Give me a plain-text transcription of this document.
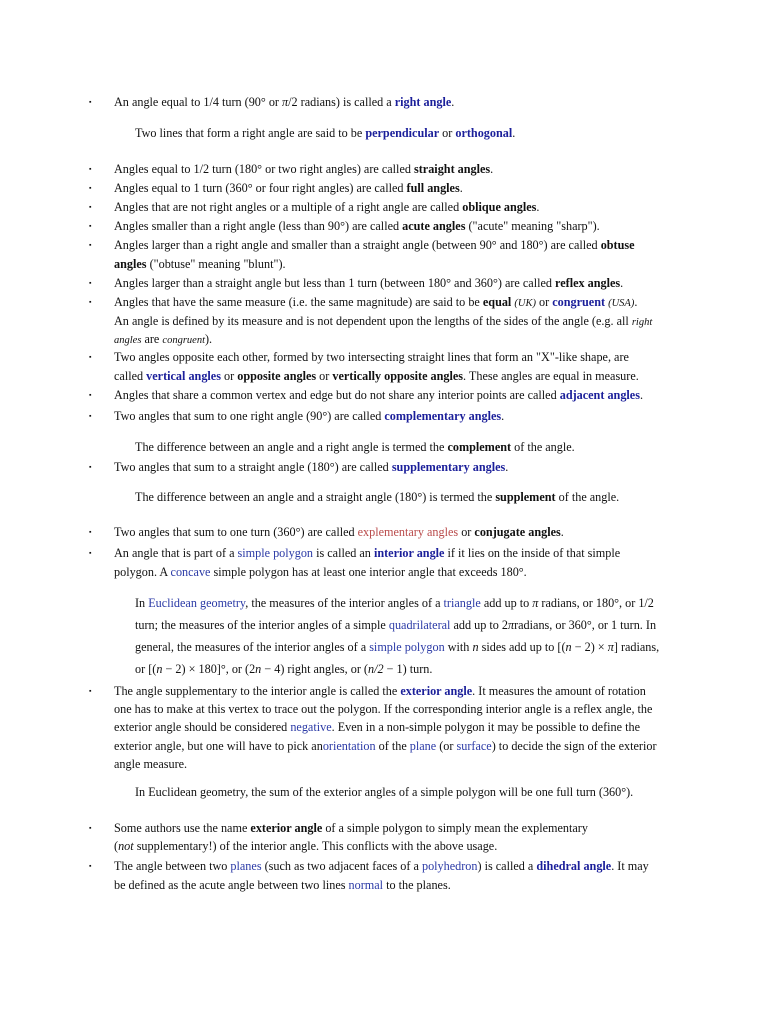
▪
▪
▪
▪
▪
▪
▪
▪
▪
▪
▪
▪
▪
▪
▪
▪
▪
An angle equal to 1/4 turn (90° or π/2 radians) is called a right angle.
Two lines that form a right angle are said to be perpendicular or orthogonal.
Angles equal to 1/2 turn (180° or two right angles) are called straight angles.
Angles equal to 1 turn (360° or four right angles) are called full angles.
Angles that are not right angles or a multiple of a right angle are called oblique angles.
Angles smaller than a right angle (less than 90°) are called acute angles ("acute" meaning "sharp").
Angles larger than a right angle and smaller than a straight angle (between 90° and 180°) are called obtuse
angles ("obtuse" meaning "blunt").
Angles larger than a straight angle but less than 1 turn (between 180° and 360°) are called reflex angles.
Angles that have the same measure (i.e. the same magnitude) are said to be equal (UK) or congruent (USA).
An angle is defined by its measure and is not dependent upon the lengths of the sides of the angle (e.g. all right
angles are congruent).
Two angles opposite each other, formed by two intersecting straight lines that form an "X"-like shape, are
called vertical angles or opposite angles or vertically opposite angles. These angles are equal in measure.
Angles that share a common vertex and edge but do not share any interior points are called adjacent angles.
Two angles that sum to one right angle (90°) are called complementary angles.
The difference between an angle and a right angle is termed the complement of the angle.
Two angles that sum to a straight angle (180°) are called supplementary angles.
The difference between an angle and a straight angle (180°) is termed the supplement of the angle.
Two angles that sum to one turn (360°) are called explementary angles or conjugate angles.
An angle that is part of a simple polygon is called an interior angle if it lies on the inside of that simple
polygon. A concave simple polygon has at least one interior angle that exceeds 180°.
In Euclidean geometry, the measures of the interior angles of a triangle add up to π radians, or 180°, or 1/2
turn; the measures of the interior angles of a simple quadrilateral add up to 2πradians, or 360°, or 1 turn. In
general, the measures of the interior angles of a simple polygon with n sides add up to [(n − 2) × π] radians,
or [(n − 2) × 180]°, or (2n − 4) right angles, or (n/2 − 1) turn.
The angle supplementary to the interior angle is called the exterior angle. It measures the amount of rotation
one has to make at this vertex to trace out the polygon. If the corresponding interior angle is a reflex angle, the
exterior angle should be considered negative. Even in a non-simple polygon it may be possible to define the
exterior angle, but one will have to pick anorientation of the plane (or surface) to decide the sign of the exterior
angle measure.
In Euclidean geometry, the sum of the exterior angles of a simple polygon will be one full turn (360°).
Some authors use the name exterior angle of a simple polygon to simply mean the explementary
(not supplementary!) of the interior angle. This conflicts with the above usage.
The angle between two planes (such as two adjacent faces of a polyhedron) is called a dihedral angle. It may
be defined as the acute angle between two lines normal to the planes.
